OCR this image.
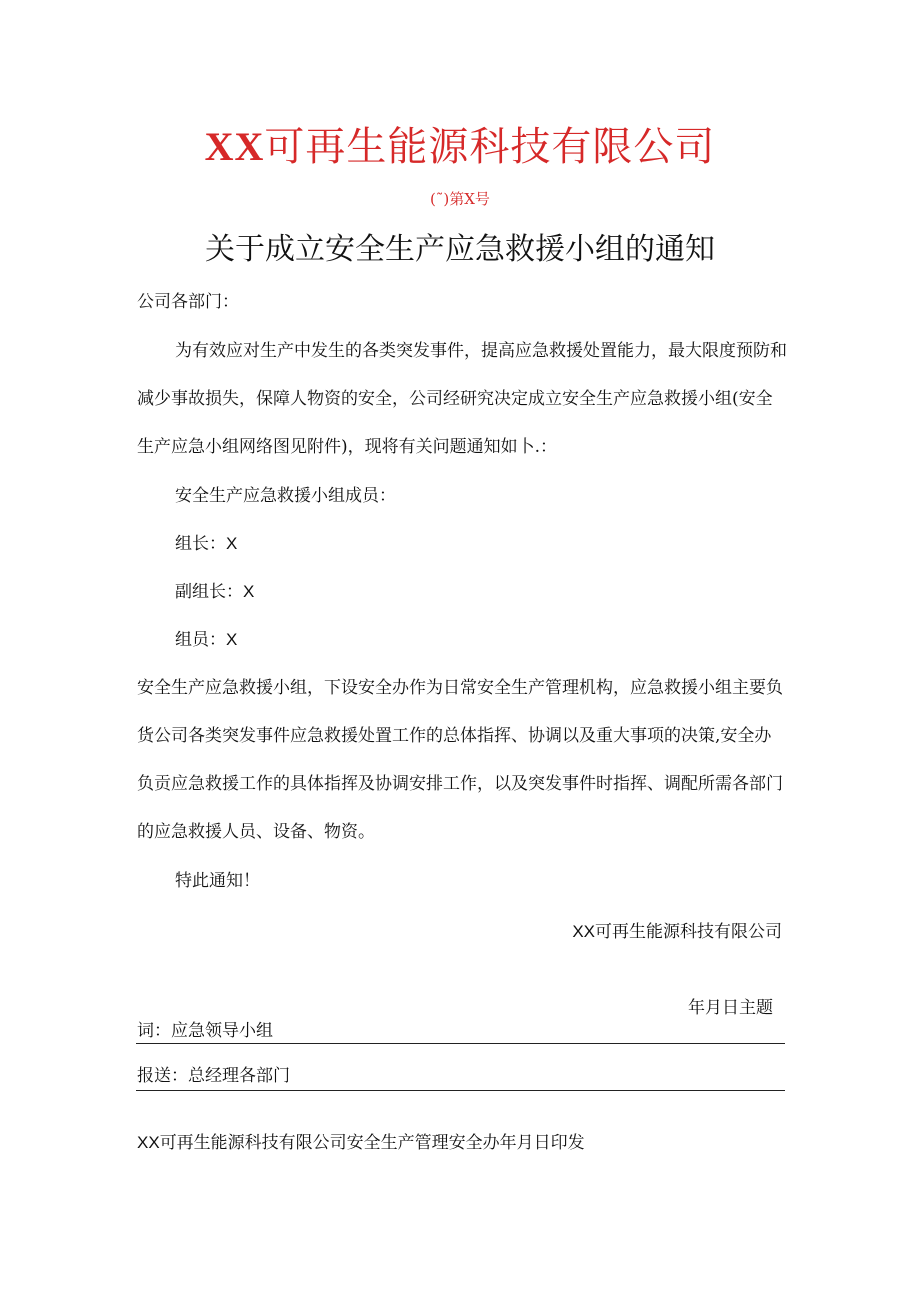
XX可再生能源科技有限公司
(˜)第X号
关于成立安全生产应急救援小组的通知
公司各部门：
为有效应对生产中发生的各类突发事件，提高应急救援处置能力，最大限度预防和
减少事故损失，保障人物资的安全，公司经研究决定成立安全生产应急救援小组(安全
生产应急小组网络图见附件)，现将有关问题通知如卜.：
安全生产应急救援小组成员：
组长：X
副组长：X
组员：X
安全生产应急救援小组，下设安全办作为日常安全生产管理机构，应急救援小组主要负
货公司各类突发事件应急救援处置工作的总体指挥、协调以及重大事项的决策,安全办
负贡应急救援工作的具体指挥及协调安排工作，以及突发事件时指挥、调配所需各部门
的应急救援人员、设备、物资。
特此通知！
XX可再生能源科技有限公司
年月日主题
词：应急领导小组
报送：总经理各部门
XX可再生能源科技有限公司安全生产管理安全办年月日印发
